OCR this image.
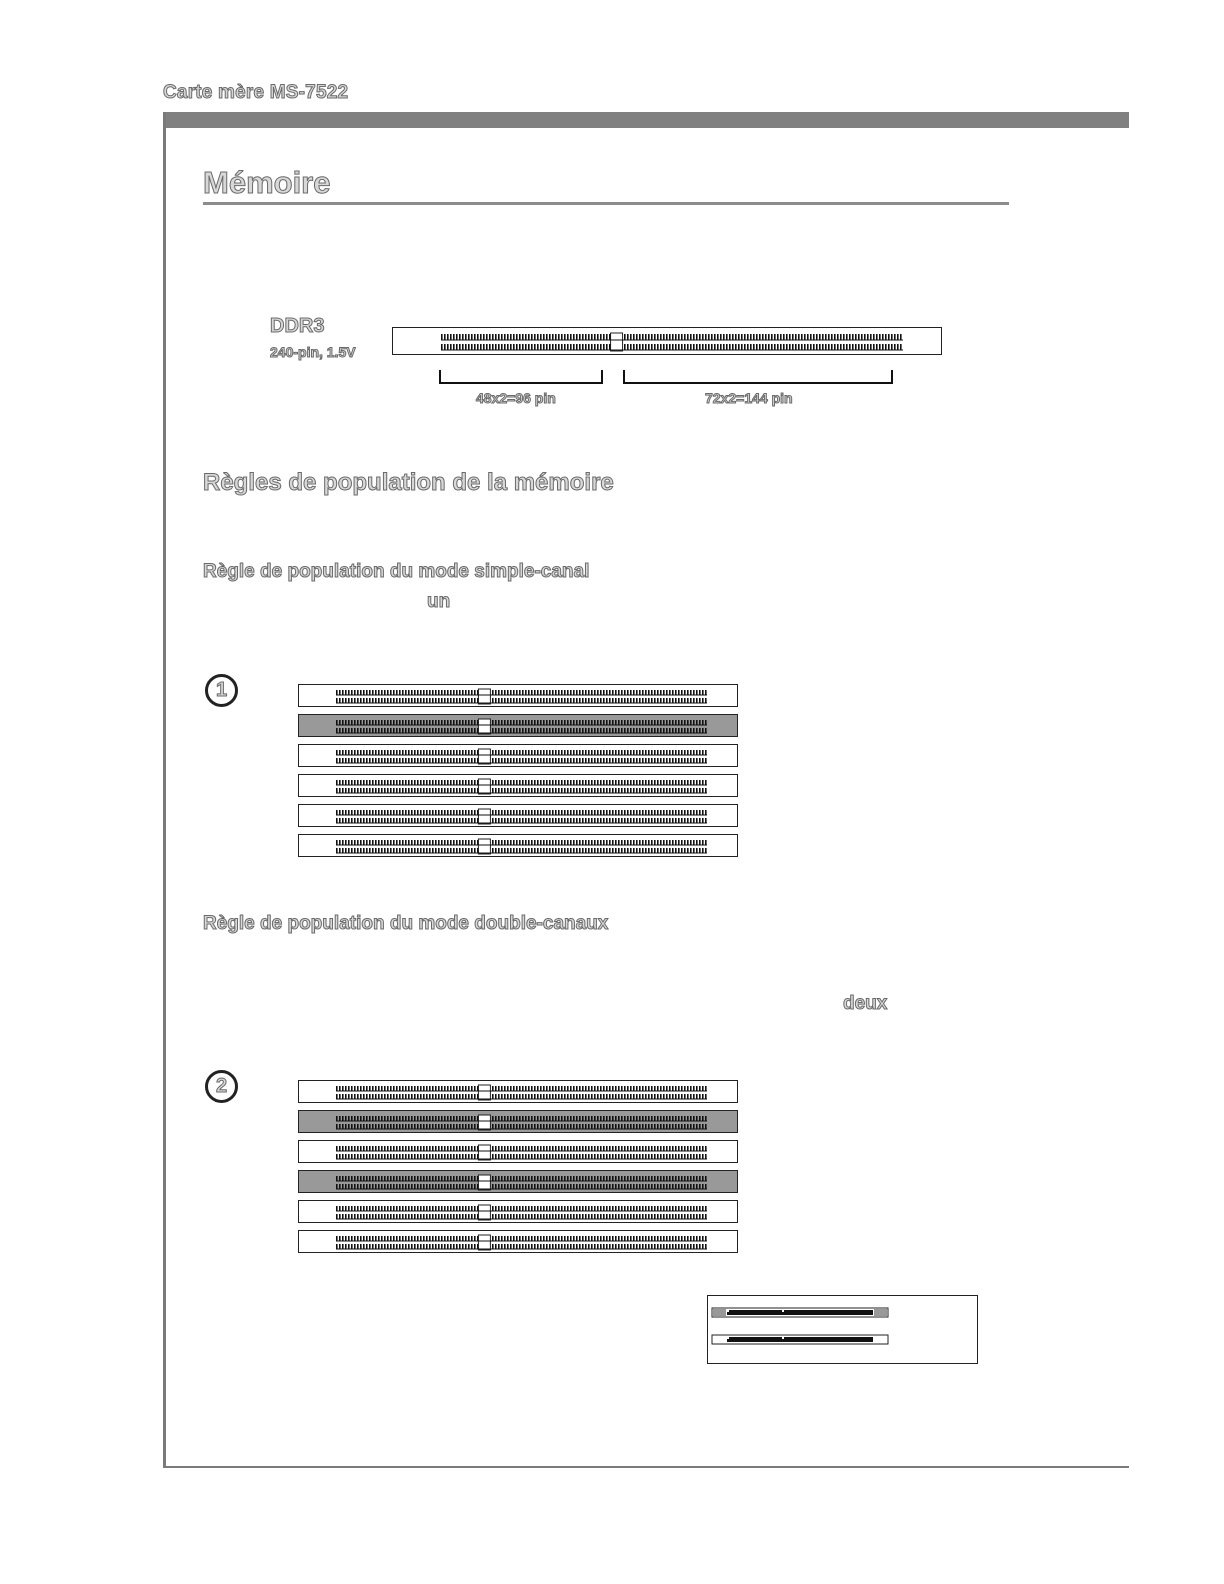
Carte mère MS-7522
Mémoire
DDR3
240-pin, 1.5V
48x2=96 pin	72x2=144 pin
Règles de population de la mémoire
Règle de population du mode simple-canal
un
1
Règle de population du mode double-canaux
deux
2
